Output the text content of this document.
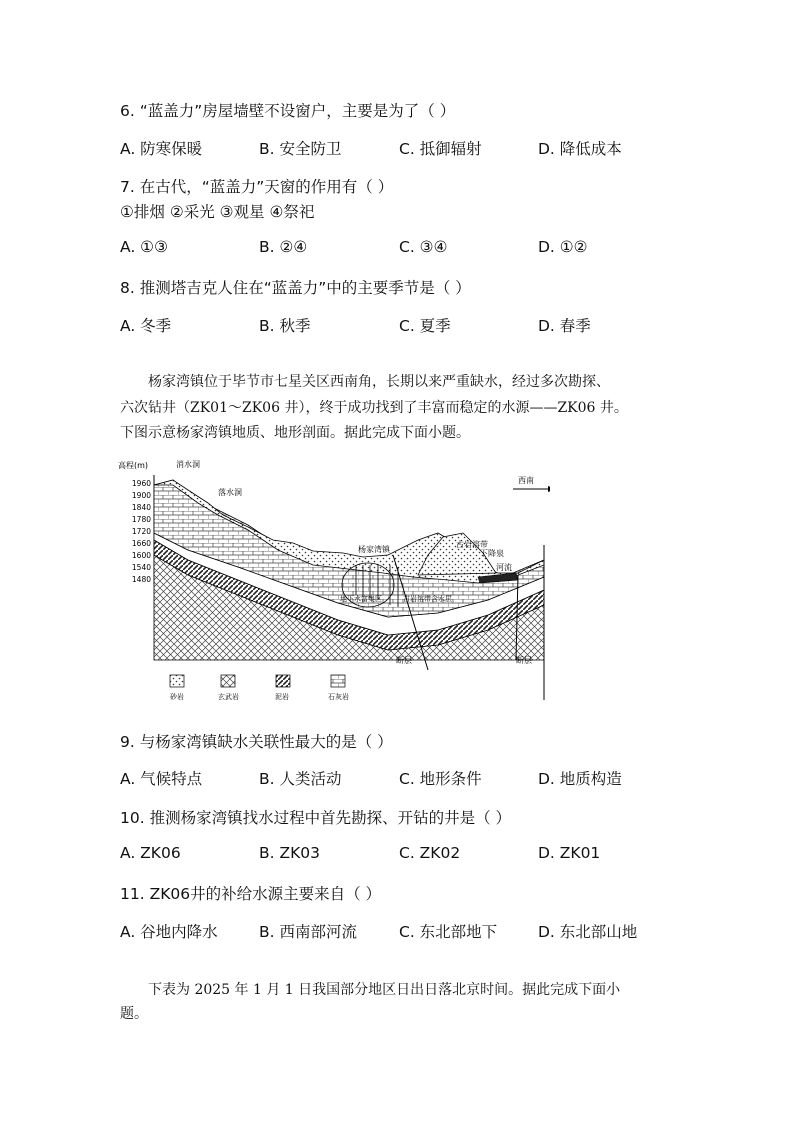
6. “蓝盖力”房屋墙壁不设窗户，主要是为了（ ）
A. 防寒保暖	B. 安全防卫	C. 抵御辐射	D. 降低成本
7. 在古代，“蓝盖力”天窗的作用有（ ）
①排烟 ②采光 ③观星 ④祭祀
A. ①③	B. ②④	C. ③④	D. ①②
8. 推测塔吉克人住在“蓝盖力”中的主要季节是（ ）
A. 冬季	B. 秋季	C. 夏季	D. 春季
杨家湾镇位于毕节市七星关区西南角，长期以来严重缺水，经过多次勘探、
六次钻井（ZK01～ZK06 井），终于成功找到了丰富而稳定的水源——ZK06 井。
下图示意杨家湾镇地质、地形剖面。据此完成下面小题。
高程(m)
1960
1900
1840
1780
1720
1660
1600
1540
1480
消水洞
落水洞
杨家湾镇
古岩溶带
下降泉
河流
西南
地下水富集区	古岩溶带含水层
断层	断层
砂岩	玄武岩	泥岩	石灰岩
9. 与杨家湾镇缺水关联性最大的是（ ）
A. 气候特点	B. 人类活动	C. 地形条件	D. 地质构造
10. 推测杨家湾镇找水过程中首先勘探、开钻的井是（ ）
A. ZK06	B. ZK03	C. ZK02	D. ZK01
11. ZK06井的补给水源主要来自（ ）
A. 谷地内降水	B. 西南部河流	C. 东北部地下	D. 东北部山地
下表为 2025 年 1 月 1 日我国部分地区日出日落北京时间。据此完成下面小
题。
